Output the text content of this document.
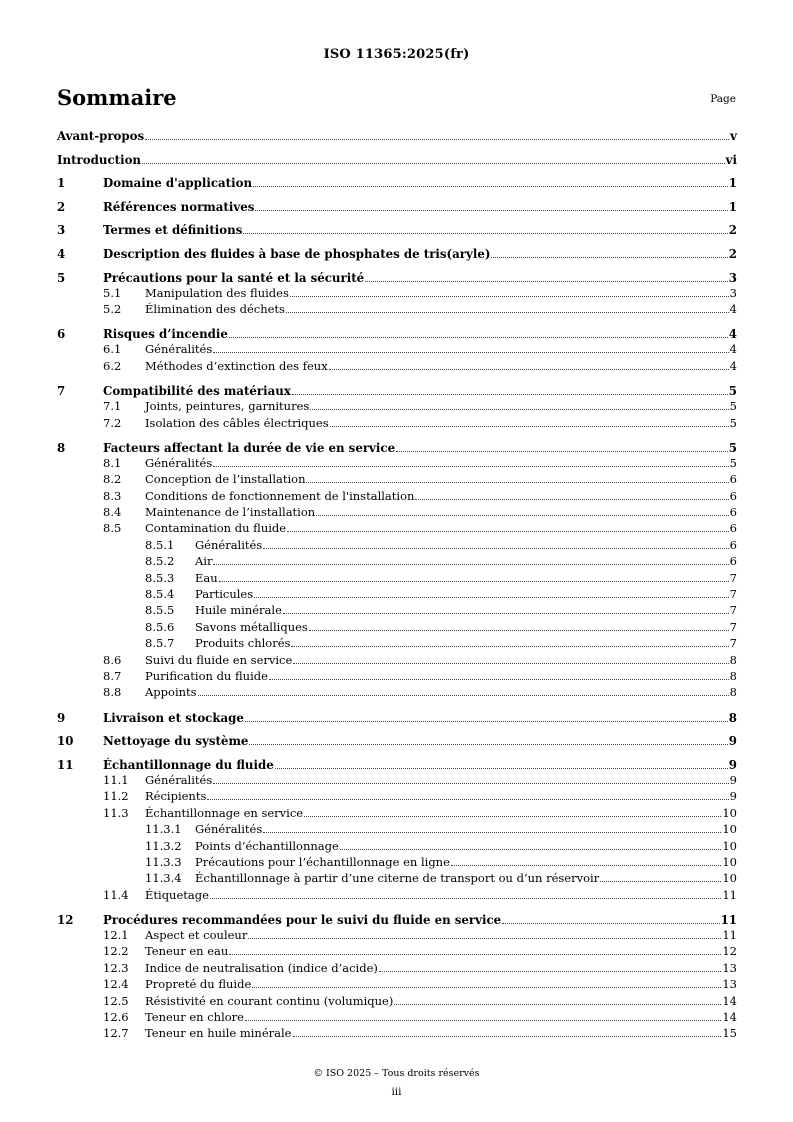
ISO 11365:2025(fr)
Sommaire	Page
Avant-propos	v
Introduction	vi
1	Domaine d'application	1
2	Références normatives	1
3	Termes et définitions	2
4	Description des fluides à base de phosphates de tris(aryle)	2
5	Précautions pour la santé et la sécurité	3
5.1	Manipulation des fluides	3
5.2	Élimination des déchets	4
6	Risques d’incendie	4
6.1	Généralités	4
6.2	Méthodes d’extinction des feux	4
7	Compatibilité des matériaux	5
7.1	Joints, peintures, garnitures	5
7.2	Isolation des câbles électriques	5
8	Facteurs affectant la durée de vie en service	5
8.1	Généralités	5
8.2	Conception de l’installation	6
8.3	Conditions de fonctionnement de l'installation	6
8.4	Maintenance de l’installation	6
8.5	Contamination du fluide	6
8.5.1	Généralités	6
8.5.2	Air	6
8.5.3	Eau	7
8.5.4	Particules	7
8.5.5	Huile minérale	7
8.5.6	Savons métalliques	7
8.5.7	Produits chlorés	7
8.6	Suivi du fluide en service	8
8.7	Purification du fluide	8
8.8	Appoints	8
9	Livraison et stockage	8
10	Nettoyage du système	9
11	Échantillonnage du fluide	9
11.1	Généralités	9
11.2	Récipients	9
11.3	Échantillonnage en service	10
11.3.1	Généralités	10
11.3.2	Points d’échantillonnage	10
11.3.3	Précautions pour l’échantillonnage en ligne	10
11.3.4	Échantillonnage à partir d’une citerne de transport ou d’un réservoir	10
11.4	Étiquetage	11
12	Procédures recommandées pour le suivi du fluide en service	11
12.1	Aspect et couleur	11
12.2	Teneur en eau	12
12.3	Indice de neutralisation (indice d’acide)	13
12.4	Propreté du fluide	13
12.5	Résistivité en courant continu (volumique)	14
12.6	Teneur en chlore	14
12.7	Teneur en huile minérale	15
© ISO 2025 – Tous droits réservés
iii
